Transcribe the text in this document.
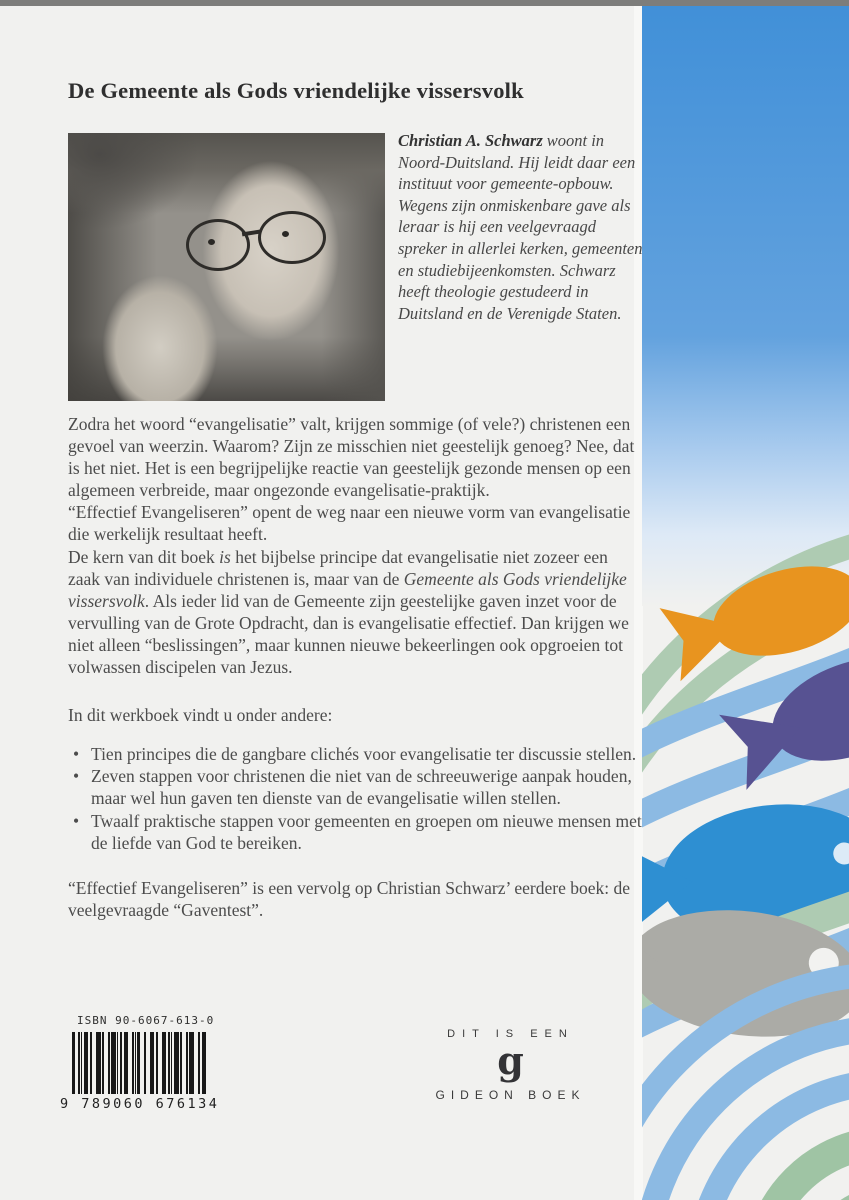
De Gemeente als Gods vriendelijke vissersvolk
Christian A. Schwarz woont in Noord-Duitsland. Hij leidt daar een instituut voor gemeente-opbouw. Wegens zijn onmiskenbare gave als leraar is hij een veelgevraagd spreker in allerlei kerken, gemeenten en studiebijeenkomsten. Schwarz heeft theologie gestudeerd in Duitsland en de Verenigde Staten.

Zodra het woord “evangelisatie” valt, krijgen sommige (of vele?) christenen een gevoel van weerzin. Waarom? Zijn ze misschien niet geestelijk genoeg? Nee, dat is het niet. Het is een begrijpelijke reactie van geestelijk gezonde mensen op een algemeen verbreide, maar ongezonde evangelisatie-praktijk.

“Effectief Evangeliseren” opent de weg naar een nieuwe vorm van evangelisatie die werkelijk resultaat heeft.

De kern van dit boek is het bijbelse principe dat evangelisatie niet zozeer een zaak van individuele christenen is, maar van de Gemeente als Gods vriendelijke vissersvolk. Als ieder lid van de Gemeente zijn geestelijke gaven inzet voor de vervulling van de Grote Opdracht, dan is evangelisatie effectief. Dan krijgen we niet alleen “beslissingen”, maar kunnen nieuwe bekeerlingen ook opgroeien tot volwassen discipelen van Jezus.

In dit werkboek vindt u onder andere:

• Tien principes die de gangbare clichés voor evangelisatie ter discussie stellen.
• Zeven stappen voor christenen die niet van de schreeuwerige aanpak houden, maar wel hun gaven ten dienste van de evangelisatie willen stellen.
• Twaalf praktische stappen voor gemeenten en groepen om nieuwe mensen met de liefde van God te bereiken.

“Effectief Evangeliseren” is een vervolg op Christian Schwarz’ eerdere boek: de veelgevraagde “Gaventest”.

ISBN 90-6067-613-0
9 789060 676134
DIT IS EEN
g
GIDEON BOEK
